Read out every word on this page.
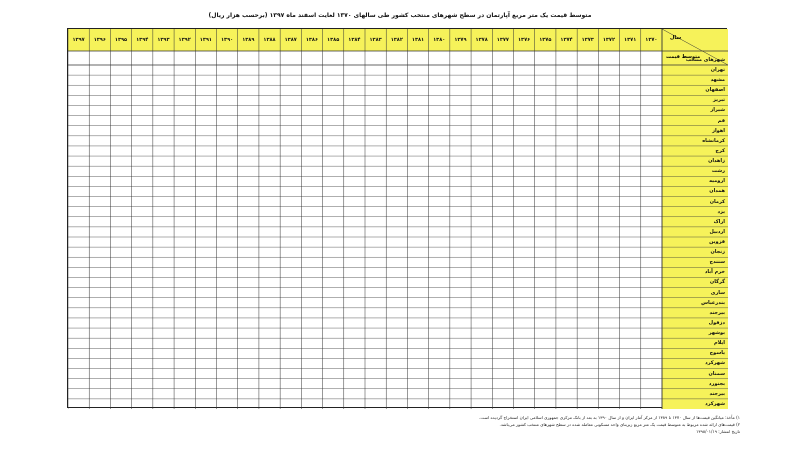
متوسط قیمت یک متر مربع آپارتمان در سطح شهرهای منتخب کشور طی سالهای ۱۳۷۰ لغایت اسفند ماه ۱۳۹۷ (برحسب هزار ریال)
سال
متوسط قیمت
شهرهای منتخب
۱۳۷۰
۱۳۷۱
۱۳۷۲
۱۳۷۳
۱۳۷۴
۱۳۷۵
۱۳۷۶
۱۳۷۷
۱۳۷۸
۱۳۷۹
۱۳۸۰
۱۳۸۱
۱۳۸۲
۱۳۸۳
۱۳۸۴
۱۳۸۵
۱۳۸۶
۱۳۸۷
۱۳۸۸
۱۳۸۹
۱۳۹۰
۱۳۹۱
۱۳۹۲
۱۳۹۳
۱۳۹۴
۱۳۹۵
۱۳۹۶
۱۳۹۷
تهران
مشهد
اصفهان
تبریز
شیراز
قم
اهواز
کرمانشاه
کرج
زاهدان
رشت
ارومیه
همدان
کرمان
یزد
اراک
اردبیل
قزوین
زنجان
سنندج
خرم آباد
گرگان
ساری
بندرعباس
بیرجند
دزفول
بوشهر
ایلام
یاسوج
شهرکرد
سمنان
بجنورد
بیرجند
شهرکرد
۱) مأخذ: میانگین قیمت‌ها از سال ۱۳۷۰ تا ۱۳۸۹ از مرکز آمار ایران و از سال ۱۳۹۰ به بعد از بانک مرکزی جمهوری اسلامی ایران استخراج گردیده است.
۲) قیمت‌های ارائه شده مربوط به متوسط قیمت یک متر مربع زیربنای واحد مسکونی معامله شده در سطح شهرهای منتخب کشور می‌باشد.
تاریخ انتشار: ۱۳۹۸/۰۱/۱۹
